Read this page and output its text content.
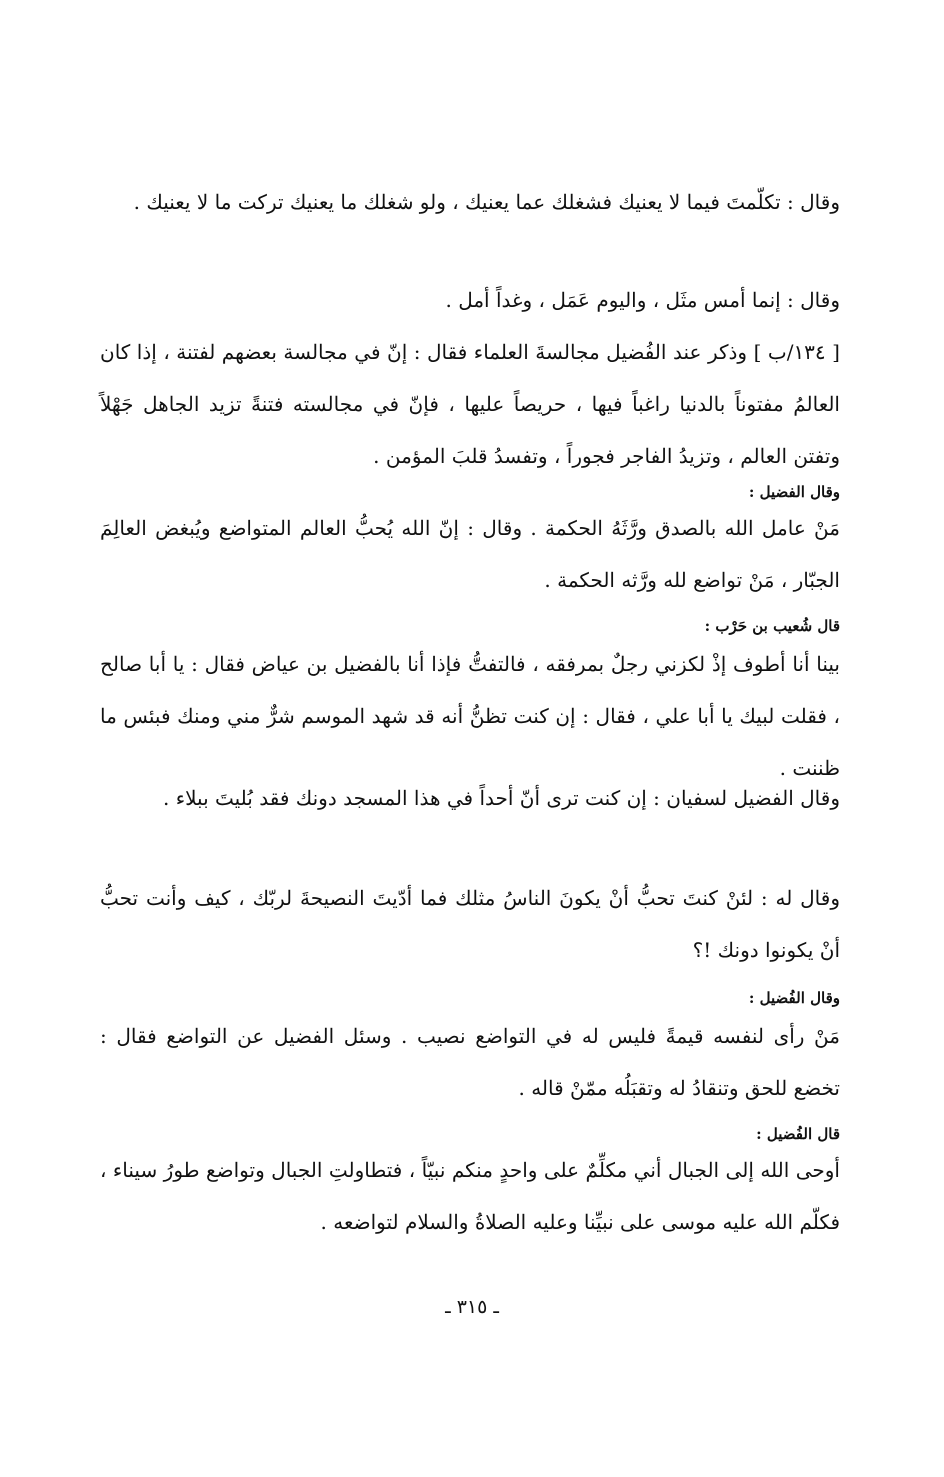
وقال : تكلّمتَ فيما لا يعنيك فشغلك عما يعنيك ، ولو شغلك ما يعنيك تركت ما لا يعنيك .

وقال : إنما أمس مثَل ، واليوم عَمَل ، وغداً أمل .

[ ١٣٤/ب ] وذكر عند الفُضيل مجالسةَ العلماء فقال : إنّ في مجالسة بعضهم لفتنة ، إذا كان العالمُ مفتوناً بالدنيا راغباً فيها ، حريصاً عليها ، فإنّ في مجالسته فتنةً تزيد الجاهل جَهْلاً وتفتن العالم ، وتزيدُ الفاجر فجوراً ، وتفسدُ قلبَ المؤمن .

وقال الفضيل :

مَنْ عامل الله بالصدق ورَّثَهُ الحكمة . وقال : إنّ الله يُحبُّ العالم المتواضع ويُبغض العالِمَ الجبّار ، مَنْ تواضع لله ورَّثه الحكمة .

قال شُعيب بن حَرْب :

بينا أنا أطوف إذْ لكزني رجلٌ بمرفقه ، فالتفتُّ فإذا أنا بالفضيل بن عياض فقال : يا أبا صالح ، فقلت لبيك يا أبا علي ، فقال : إن كنت تظنُّ أنه قد شهد الموسم شرٌّ مني ومنك فبئس ما ظننت .

وقال الفضيل لسفيان : إن كنت ترى أنّ أحداً في هذا المسجد دونك فقد بُليتَ ببلاء .

وقال له : لئنْ كنتَ تحبُّ أنْ يكونَ الناسُ مثلك فما أدّيتَ النصيحةَ لربّك ، كيف وأنت تحبُّ أنْ يكونوا دونك !؟

وقال الفُضيل :

مَنْ رأى لنفسه قيمةً فليس له في التواضع نصيب . وسئل الفضيل عن التواضع فقال : تخضع للحق وتنقادُ له وتقبَلُه ممّنْ قاله .

قال الفُضيل :

أوحى الله إلى الجبال أني مكلِّمٌ على واحدٍ منكم نبيّاً ، فتطاولتِ الجبال وتواضع طورُ سيناء ، فكلّم الله عليه موسى على نبيِّنا وعليه الصلاةُ والسلام لتواضعه .

ـ ٣١٥ ـ
